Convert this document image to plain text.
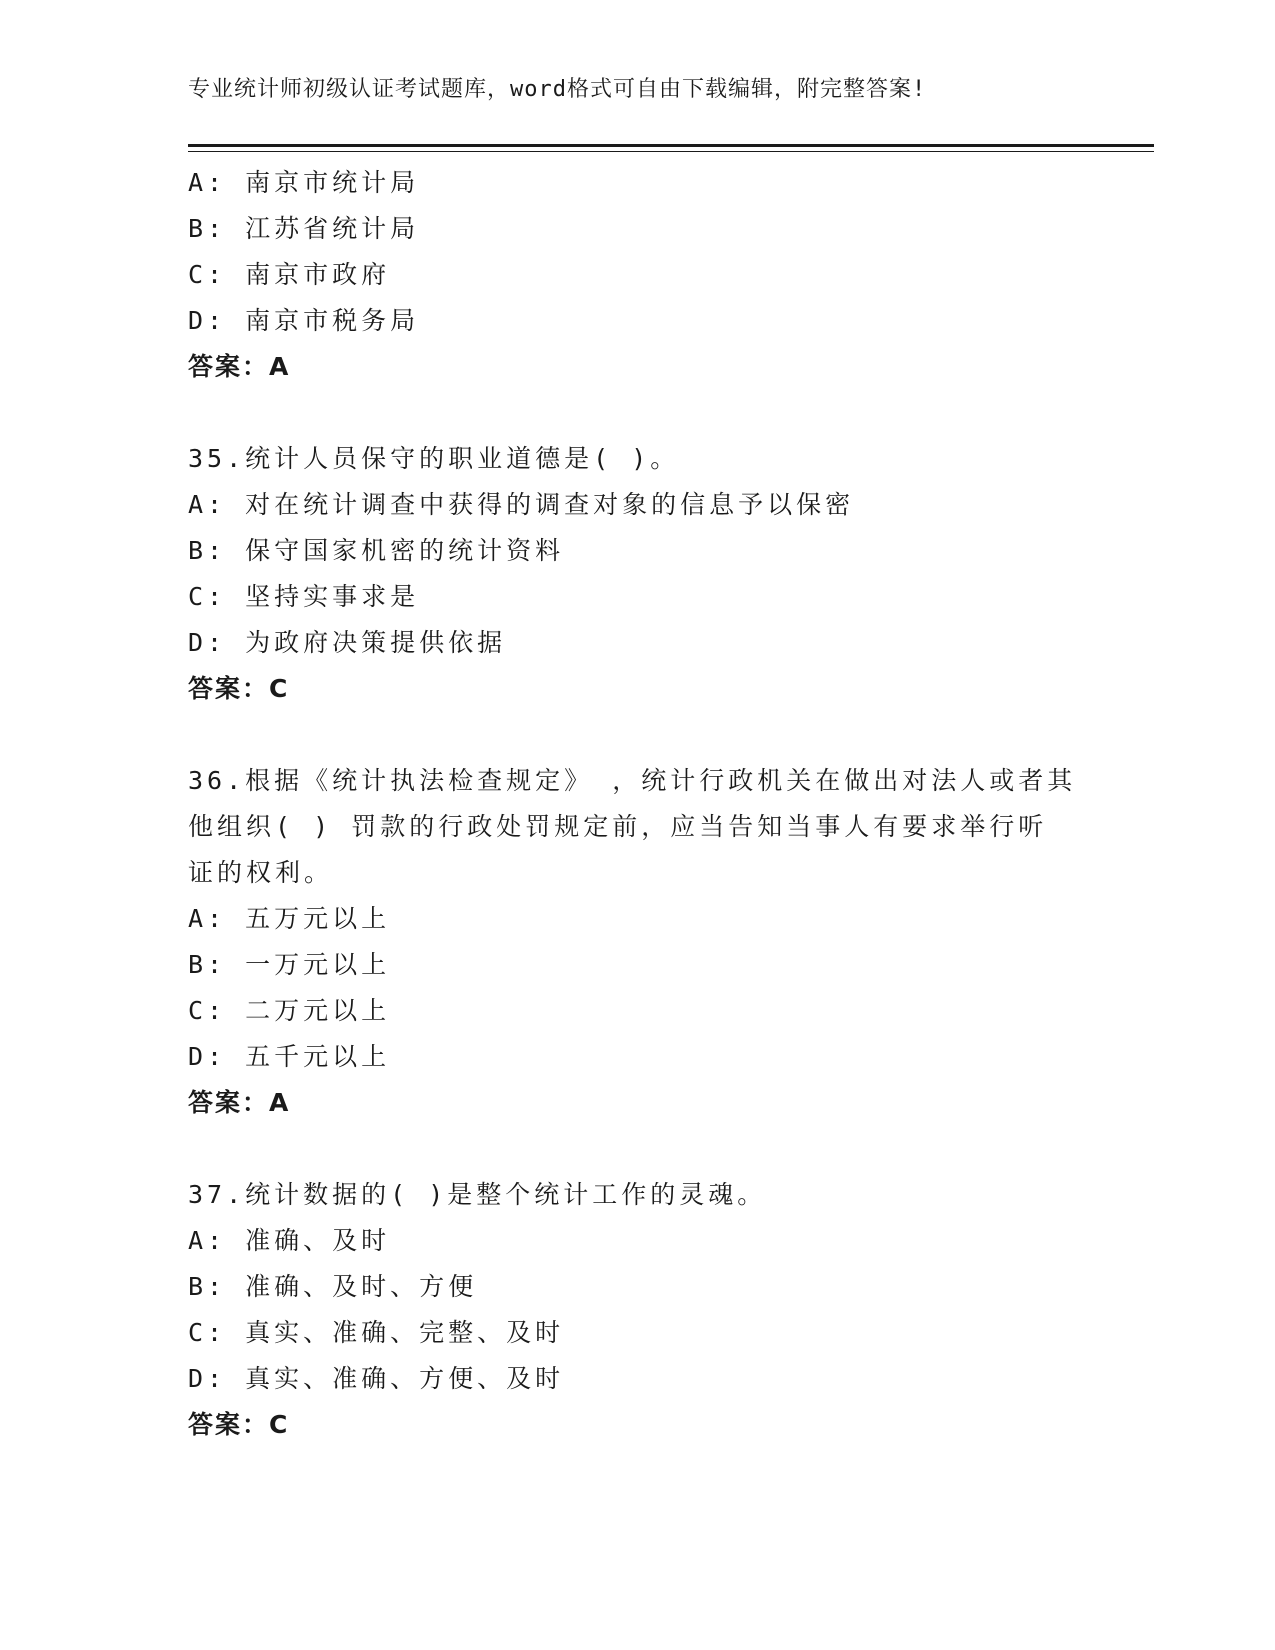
专业统计师初级认证考试题库，word格式可自由下载编辑，附完整答案!
A: 南京市统计局
B: 江苏省统计局
C: 南京市政府
D: 南京市税务局
答案：A
35.统计人员保守的职业道德是( )。
A: 对在统计调查中获得的调查对象的信息予以保密
B: 保守国家机密的统计资料
C: 坚持实事求是
D: 为政府决策提供依据
答案：C
36.根据《统计执法检查规定》 ，统计行政机关在做出对法人或者其
他组织( ) 罚款的行政处罚规定前，应当告知当事人有要求举行听
证的权利。
A: 五万元以上
B: 一万元以上
C: 二万元以上
D: 五千元以上
答案：A
37.统计数据的( )是整个统计工作的灵魂。
A: 准确、及时
B: 准确、及时、方便
C: 真实、准确、完整、及时
D: 真实、准确、方便、及时
答案：C
